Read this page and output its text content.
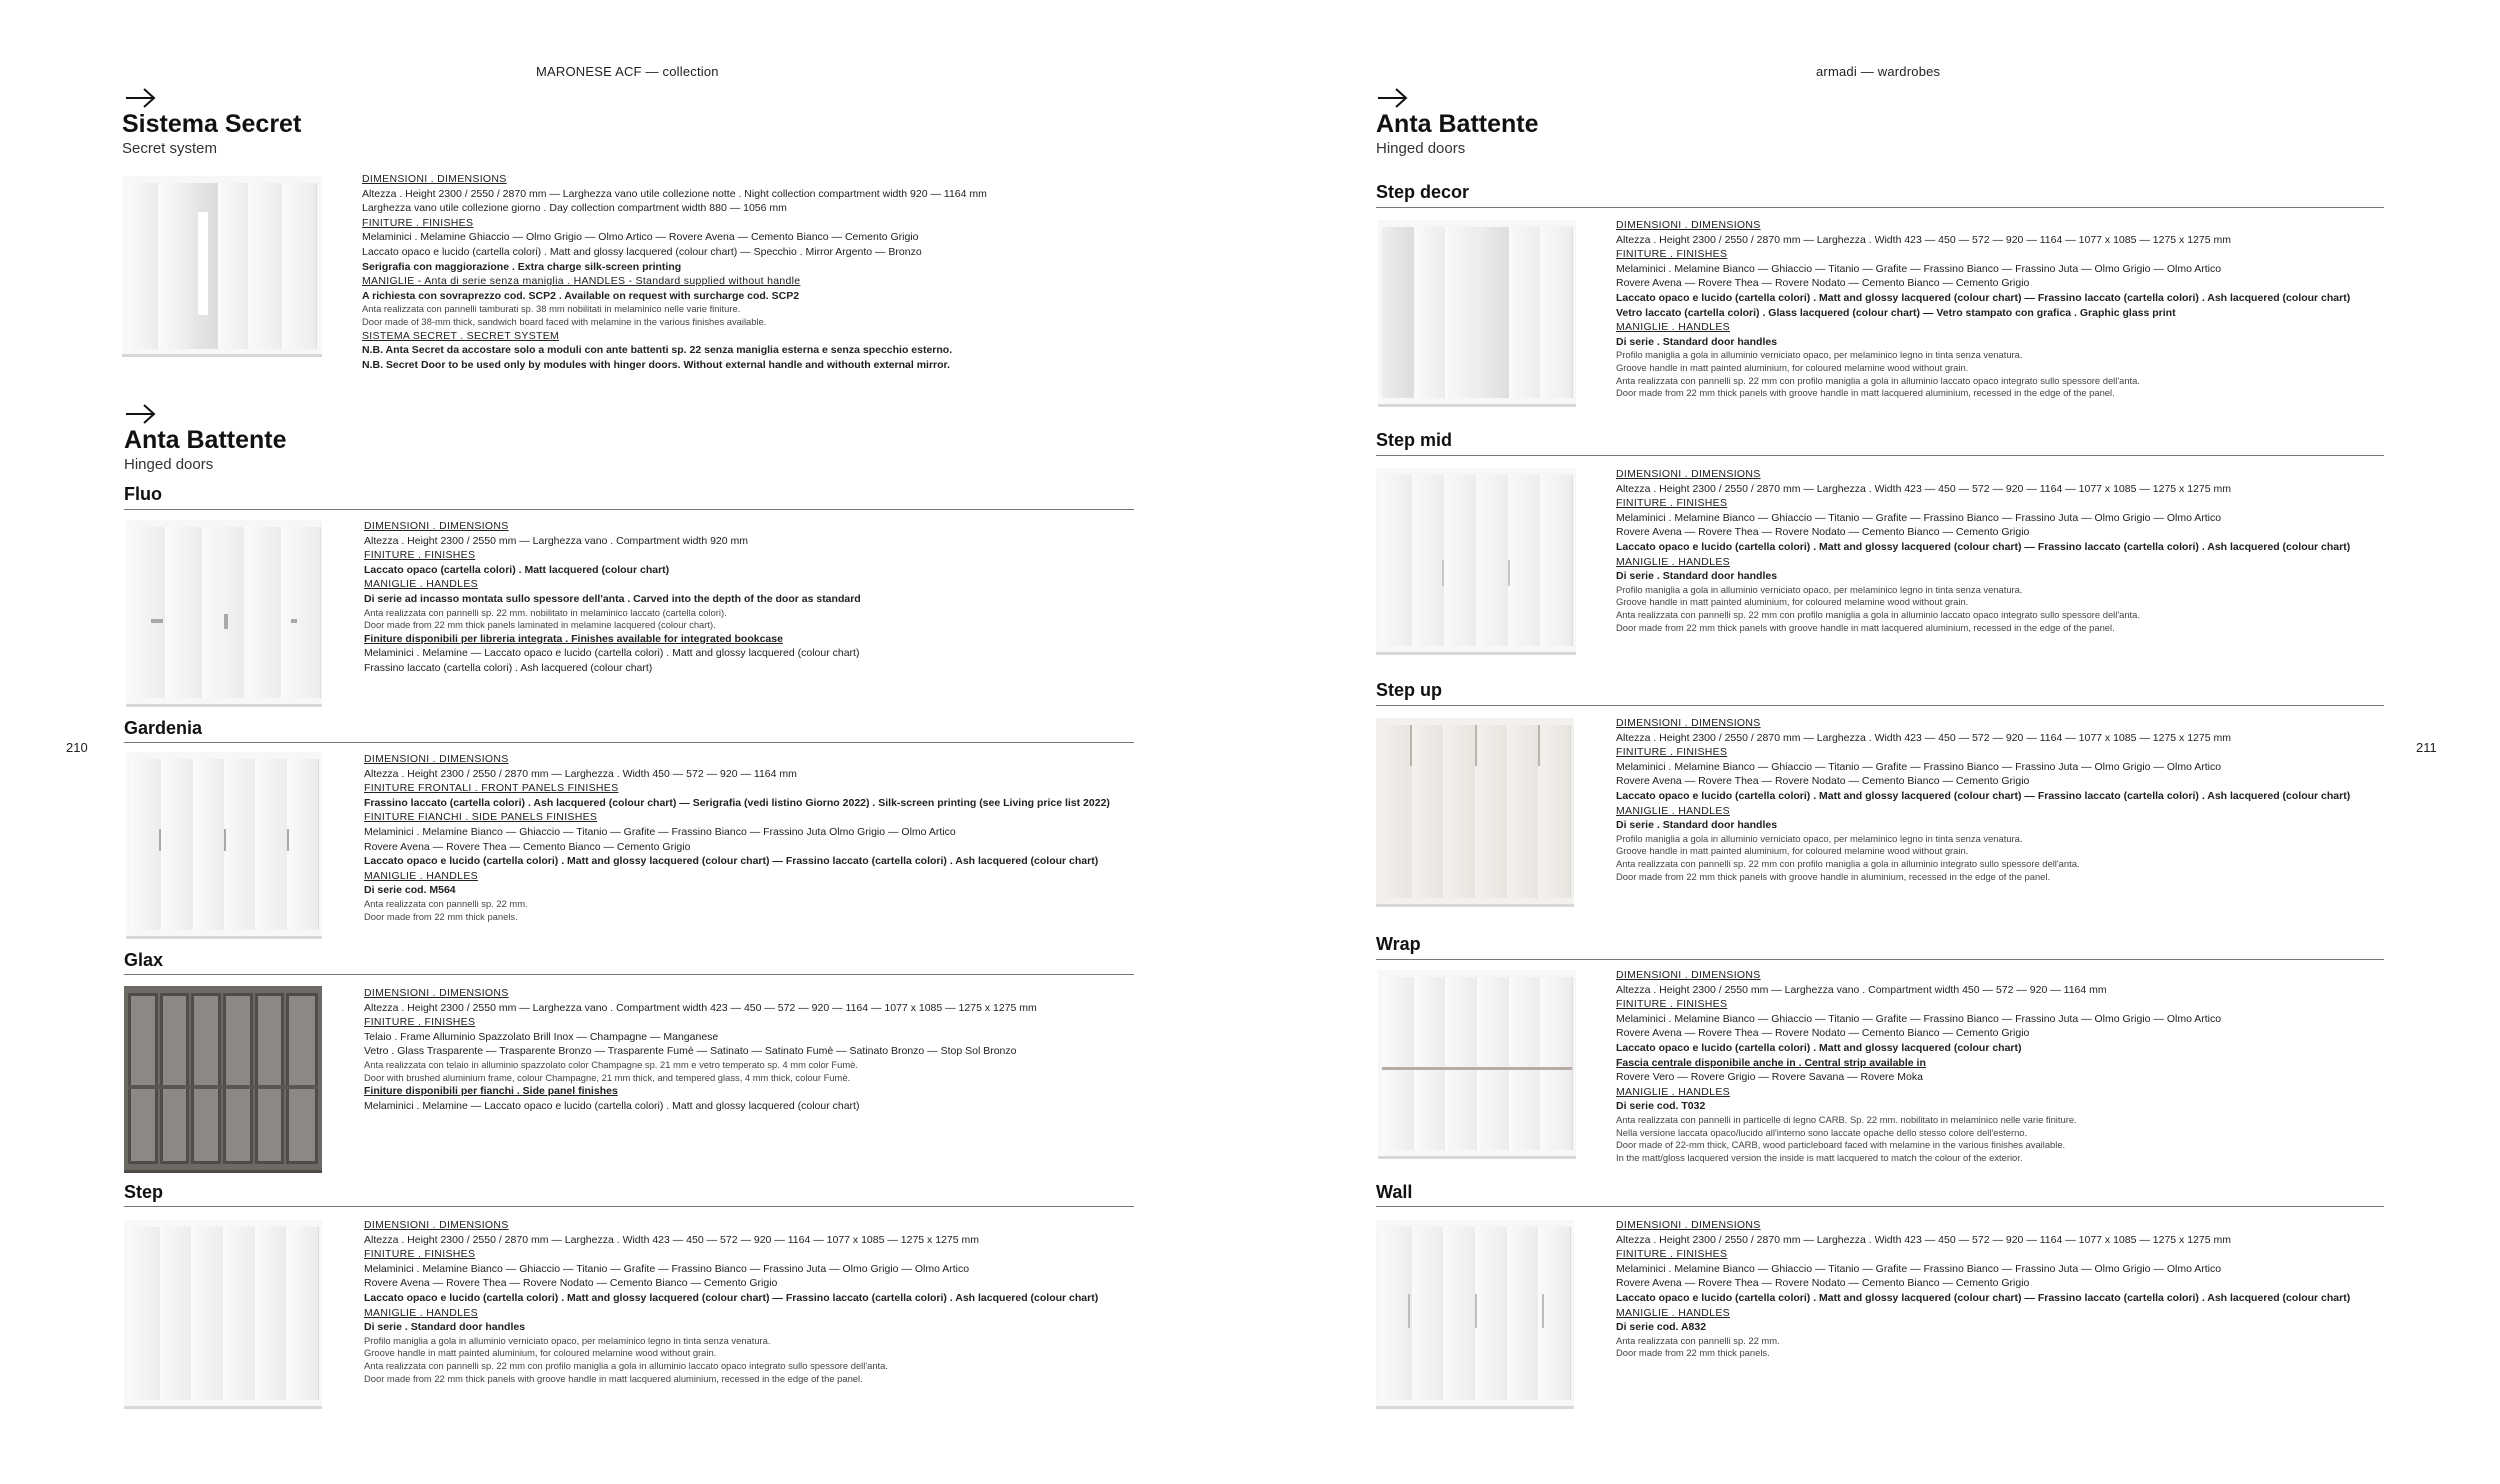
MARONESE ACF — collection	armadi — wardrobes
210	211
Sistema Secret
Secret system
DIMENSIONI . DIMENSIONS
Altezza . Height 2300 / 2550 / 2870 mm — Larghezza vano utile collezione notte . Night collection compartment width 920 — 1164 mm
Larghezza vano utile collezione giorno . Day collection compartment width 880 — 1056 mm
FINITURE . FINISHES
Melaminici . Melamine Ghiaccio — Olmo Grigio — Olmo Artico — Rovere Avena — Cemento Bianco — Cemento Grigio
Laccato opaco e lucido (cartella colori) . Matt and glossy lacquered (colour chart) — Specchio . Mirror Argento — Bronzo
Serigrafia con maggiorazione . Extra charge silk-screen printing
MANIGLIE - Anta di serie senza maniglia . HANDLES - Standard supplied without handle
A richiesta con sovraprezzo cod. SCP2 . Available on request with surcharge cod. SCP2
Anta realizzata con pannelli tamburati sp. 38 mm nobilitati in melaminico nelle varie finiture.
Door made of 38-mm thick, sandwich board faced with melamine in the various finishes available.
SISTEMA SECRET . SECRET SYSTEM
N.B. Anta Secret da accostare solo a moduli con ante battenti sp. 22 senza maniglia esterna e senza specchio esterno.
N.B. Secret Door to be used only by modules with hinger doors. Without external handle and withouth external mirror.
Anta Battente
Hinged doors
Fluo
DIMENSIONI . DIMENSIONS
Altezza . Height 2300 / 2550 mm — Larghezza vano . Compartment width 920 mm
FINITURE . FINISHES
Laccato opaco (cartella colori) . Matt lacquered (colour chart)
MANIGLIE . HANDLES
Di serie ad incasso montata sullo spessore dell'anta . Carved into the depth of the door as standard
Anta realizzata con pannelli sp. 22 mm. nobilitato in melaminico laccato (cartella colori).
Door made from 22 mm thick panels laminated in melamine lacquered (colour chart).
Finiture disponibili per libreria integrata . Finishes available for integrated bookcase
Melaminici . Melamine — Laccato opaco e lucido (cartella colori) . Matt and glossy lacquered (colour chart)
Frassino laccato (cartella colori) . Ash lacquered (colour chart)
Gardenia
DIMENSIONI . DIMENSIONS
Altezza . Height 2300 / 2550 / 2870 mm — Larghezza . Width 450 — 572 — 920 — 1164 mm
FINITURE FRONTALI . FRONT PANELS FINISHES
Frassino laccato (cartella colori) . Ash lacquered (colour chart) — Serigrafia (vedi listino Giorno 2022) . Silk-screen printing (see Living price list 2022)
FINITURE FIANCHI . SIDE PANELS FINISHES
Melaminici . Melamine Bianco — Ghiaccio — Titanio — Grafite — Frassino Bianco — Frassino Juta Olmo Grigio — Olmo Artico
Rovere Avena — Rovere Thea — Cemento Bianco — Cemento Grigio
Laccato opaco e lucido (cartella colori) . Matt and glossy lacquered (colour chart) — Frassino laccato (cartella colori) . Ash lacquered (colour chart)
MANIGLIE . HANDLES
Di serie cod. M564
Anta realizzata con pannelli sp. 22 mm.
Door made from 22 mm thick panels.
Glax
DIMENSIONI . DIMENSIONS
Altezza . Height 2300 / 2550 mm — Larghezza vano . Compartment width 423 — 450 — 572 — 920 — 1164 — 1077 x 1085 — 1275 x 1275 mm
FINITURE . FINISHES
Telaio . Frame Alluminio Spazzolato Brill Inox — Champagne — Manganese
Vetro . Glass Trasparente — Trasparente Bronzo — Trasparente Fumè — Satinato — Satinato Fumè — Satinato Bronzo — Stop Sol Bronzo
Anta realizzata con telaio in alluminio spazzolato color Champagne sp. 21 mm e vetro temperato sp. 4 mm color Fumè.
Door with brushed aluminium frame, colour Champagne, 21 mm thick, and tempered glass, 4 mm thick, colour Fumè.
Finiture disponibili per fianchi . Side panel finishes
Melaminici . Melamine — Laccato opaco e lucido (cartella colori) . Matt and glossy lacquered (colour chart)
Step
DIMENSIONI . DIMENSIONS
Altezza . Height 2300 / 2550 / 2870 mm — Larghezza . Width 423 — 450 — 572 — 920 — 1164 — 1077 x 1085 — 1275 x 1275 mm
FINITURE . FINISHES
Melaminici . Melamine Bianco — Ghiaccio — Titanio — Grafite — Frassino Bianco — Frassino Juta — Olmo Grigio — Olmo Artico
Rovere Avena — Rovere Thea — Rovere Nodato — Cemento Bianco — Cemento Grigio
Laccato opaco e lucido (cartella colori) . Matt and glossy lacquered (colour chart) — Frassino laccato (cartella colori) . Ash lacquered (colour chart)
MANIGLIE . HANDLES
Di serie . Standard door handles
Profilo maniglia a gola in alluminio verniciato opaco, per melaminico legno in tinta senza venatura.
Groove handle in matt painted aluminium, for coloured melamine wood without grain.
Anta realizzata con pannelli sp. 22 mm con profilo maniglia a gola in alluminio laccato opaco integrato sullo spessore dell'anta.
Door made from 22 mm thick panels with groove handle in matt lacquered aluminium, recessed in the edge of the panel.
Anta Battente
Hinged doors
Step decor
DIMENSIONI . DIMENSIONS
Altezza . Height 2300 / 2550 / 2870 mm — Larghezza . Width 423 — 450 — 572 — 920 — 1164 — 1077 x 1085 — 1275 x 1275 mm
FINITURE . FINISHES
Melaminici . Melamine Bianco — Ghiaccio — Titanio — Grafite — Frassino Bianco — Frassino Juta — Olmo Grigio — Olmo Artico
Rovere Avena — Rovere Thea — Rovere Nodato — Cemento Bianco — Cemento Grigio
Laccato opaco e lucido (cartella colori) . Matt and glossy lacquered (colour chart) — Frassino laccato (cartella colori) . Ash lacquered (colour chart)
Vetro laccato (cartella colori) . Glass lacquered (colour chart) — Vetro stampato con grafica . Graphic glass print
MANIGLIE . HANDLES
Di serie . Standard door handles
Profilo maniglia a gola in alluminio verniciato opaco, per melaminico legno in tinta senza venatura.
Groove handle in matt painted aluminium, for coloured melamine wood without grain.
Anta realizzata con pannelli sp. 22 mm con profilo maniglia a gola in alluminio laccato opaco integrato sullo spessore dell'anta.
Door made from 22 mm thick panels with groove handle in matt lacquered aluminium, recessed in the edge of the panel.
Step mid
DIMENSIONI . DIMENSIONS
Altezza . Height 2300 / 2550 / 2870 mm — Larghezza . Width 423 — 450 — 572 — 920 — 1164 — 1077 x 1085 — 1275 x 1275 mm
FINITURE . FINISHES
Melaminici . Melamine Bianco — Ghiaccio — Titanio — Grafite — Frassino Bianco — Frassino Juta — Olmo Grigio — Olmo Artico
Rovere Avena — Rovere Thea — Rovere Nodato — Cemento Bianco — Cemento Grigio
Laccato opaco e lucido (cartella colori) . Matt and glossy lacquered (colour chart) — Frassino laccato (cartella colori) . Ash lacquered (colour chart)
MANIGLIE . HANDLES
Di serie . Standard door handles
Profilo maniglia a gola in alluminio verniciato opaco, per melaminico legno in tinta senza venatura.
Groove handle in matt painted aluminium, for coloured melamine wood without grain.
Anta realizzata con pannelli sp. 22 mm con profilo maniglia a gola in alluminio laccato opaco integrato sullo spessore dell'anta.
Door made from 22 mm thick panels with groove handle in matt lacquered aluminium, recessed in the edge of the panel.
Step up
DIMENSIONI . DIMENSIONS
Altezza . Height 2300 / 2550 / 2870 mm — Larghezza . Width 423 — 450 — 572 — 920 — 1164 — 1077 x 1085 — 1275 x 1275 mm
FINITURE . FINISHES
Melaminici . Melamine Bianco — Ghiaccio — Titanio — Grafite — Frassino Bianco — Frassino Juta — Olmo Grigio — Olmo Artico
Rovere Avena — Rovere Thea — Rovere Nodato — Cemento Bianco — Cemento Grigio
Laccato opaco e lucido (cartella colori) . Matt and glossy lacquered (colour chart) — Frassino laccato (cartella colori) . Ash lacquered (colour chart)
MANIGLIE . HANDLES
Di serie . Standard door handles
Profilo maniglia a gola in alluminio verniciato opaco, per melaminico legno in tinta senza venatura.
Groove handle in matt painted aluminium, for coloured melamine wood without grain.
Anta realizzata con pannelli sp. 22 mm con profilo maniglia a gola in alluminio integrato sullo spessore dell'anta.
Door made from 22 mm thick panels with groove handle in aluminium, recessed in the edge of the panel.
Wrap
DIMENSIONI . DIMENSIONS
Altezza . Height 2300 / 2550 mm — Larghezza vano . Compartment width 450 — 572 — 920 — 1164 mm
FINITURE . FINISHES
Melaminici . Melamine Bianco — Ghiaccio — Titanio — Grafite — Frassino Bianco — Frassino Juta — Olmo Grigio — Olmo Artico
Rovere Avena — Rovere Thea — Rovere Nodato — Cemento Bianco — Cemento Grigio
Laccato opaco e lucido (cartella colori) . Matt and glossy lacquered (colour chart)
Fascia centrale disponibile anche in . Central strip available in
Rovere Vero — Rovere Grigio — Rovere Savana — Rovere Moka
MANIGLIE . HANDLES
Di serie cod. T032
Anta realizzata con pannelli in particelle di legno CARB. Sp. 22 mm. nobilitato in melaminico nelle varie finiture.
Nella versione laccata opaco/lucido all'interno sono laccate opache dello stesso colore dell'esterno.
Door made of 22-mm thick, CARB, wood particleboard faced with melamine in the various finishes available.
In the matt/gloss lacquered version the inside is matt lacquered to match the colour of the exterior.
Wall
DIMENSIONI . DIMENSIONS
Altezza . Height 2300 / 2550 / 2870 mm — Larghezza . Width 423 — 450 — 572 — 920 — 1164 — 1077 x 1085 — 1275 x 1275 mm
FINITURE . FINISHES
Melaminici . Melamine Bianco — Ghiaccio — Titanio — Grafite — Frassino Bianco — Frassino Juta — Olmo Grigio — Olmo Artico
Rovere Avena — Rovere Thea — Rovere Nodato — Cemento Bianco — Cemento Grigio
Laccato opaco e lucido (cartella colori) . Matt and glossy lacquered (colour chart) — Frassino laccato (cartella colori) . Ash lacquered (colour chart)
MANIGLIE . HANDLES
Di serie cod. A832
Anta realizzata con pannelli sp. 22 mm.
Door made from 22 mm thick panels.
